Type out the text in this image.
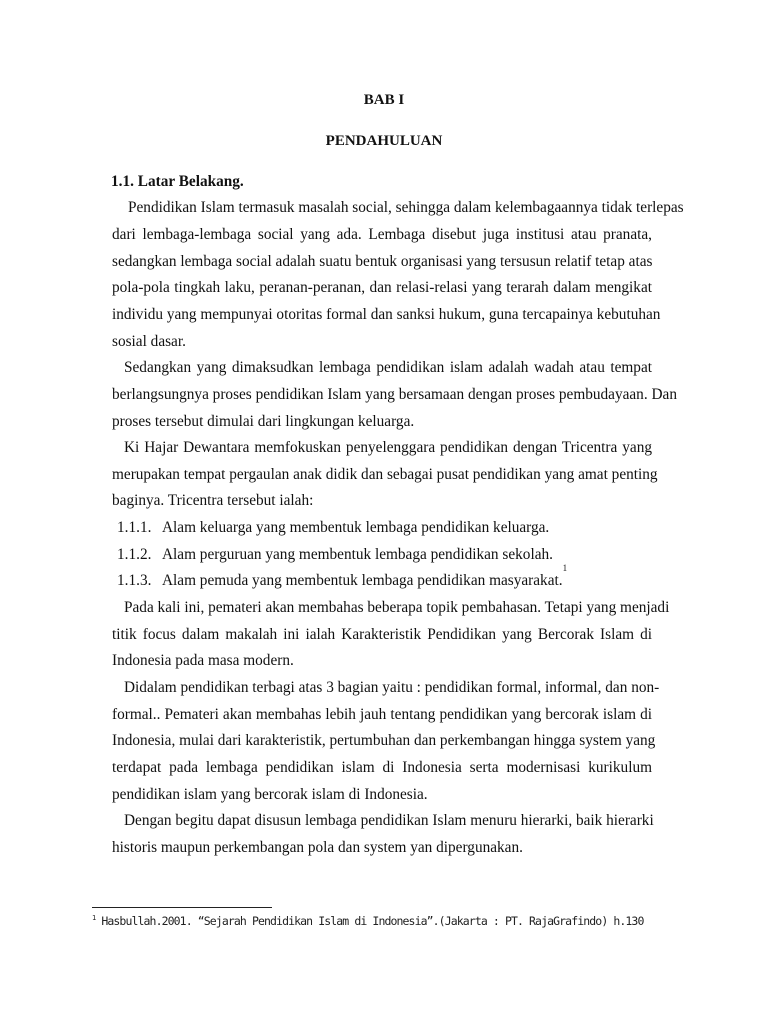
BAB I
PENDAHULUAN
1.1. Latar Belakang.
Pendidikan Islam termasuk masalah social, sehingga dalam kelembagaannya tidak terlepas
dari lembaga-lembaga social yang ada. Lembaga disebut juga institusi atau pranata,
sedangkan lembaga social adalah suatu bentuk organisasi yang tersusun relatif tetap atas
pola-pola tingkah laku, peranan-peranan, dan relasi-relasi yang terarah dalam mengikat
individu yang mempunyai otoritas formal dan sanksi hukum, guna tercapainya kebutuhan
sosial dasar.
Sedangkan yang dimaksudkan lembaga pendidikan islam adalah wadah atau tempat
berlangsungnya proses pendidikan Islam yang bersamaan dengan proses pembudayaan. Dan
proses tersebut dimulai dari lingkungan keluarga.
Ki Hajar Dewantara memfokuskan penyelenggara pendidikan dengan Tricentra yang
merupakan tempat pergaulan anak didik dan sebagai pusat pendidikan yang amat penting
baginya. Tricentra tersebut ialah:
1.1.1. Alam keluarga yang membentuk lembaga pendidikan keluarga.
1.1.2. Alam perguruan yang membentuk lembaga pendidikan sekolah.
1.1.3. Alam pemuda yang membentuk lembaga pendidikan masyarakat.
1
Pada kali ini, pemateri akan membahas beberapa topik pembahasan. Tetapi yang menjadi
titik focus dalam makalah ini ialah Karakteristik Pendidikan yang Bercorak Islam di
Indonesia pada masa modern.
Didalam pendidikan terbagi atas 3 bagian yaitu : pendidikan formal, informal, dan non-
formal.. Pemateri akan membahas lebih jauh tentang pendidikan yang bercorak islam di
Indonesia, mulai dari karakteristik, pertumbuhan dan perkembangan hingga system yang
terdapat pada lembaga pendidikan islam di Indonesia serta modernisasi kurikulum
pendidikan islam yang bercorak islam di Indonesia.
Dengan begitu dapat disusun lembaga pendidikan Islam menuru hierarki, baik hierarki
historis maupun perkembangan pola dan system yan dipergunakan.
$^1$ Hasbullah.2001. “Sejarah Pendidikan Islam di Indonesia”.(Jakarta : PT. RajaGrafindo) h.130
